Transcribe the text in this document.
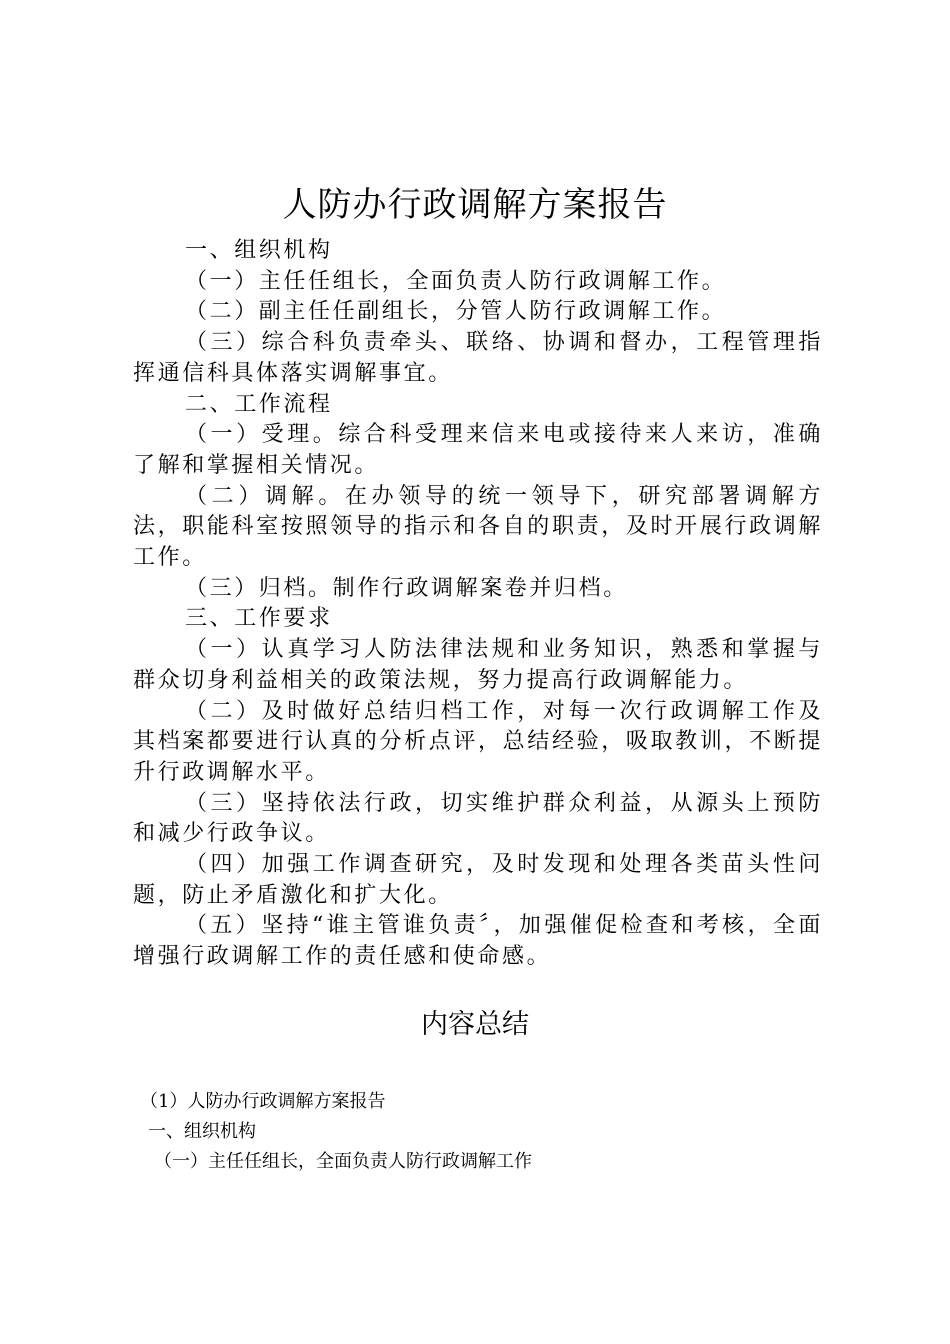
人防办行政调解方案报告

一、组织机构

（一）主任任组长，全面负责人防行政调解工作。

（二）副主任任副组长，分管人防行政调解工作。

（三）综合科负责牵头、联络、协调和督办，工程管理指挥通信科具体落实调解事宜。

二、工作流程

（一）受理。综合科受理来信来电或接待来人来访，准确了解和掌握相关情况。

（二）调解。在办领导的统一领导下，研究部署调解方法，职能科室按照领导的指示和各自的职责，及时开展行政调解工作。

（三）归档。制作行政调解案卷并归档。

三、工作要求

（一）认真学习人防法律法规和业务知识，熟悉和掌握与群众切身利益相关的政策法规，努力提高行政调解能力。

（二）及时做好总结归档工作，对每一次行政调解工作及其档案都要进行认真的分析点评，总结经验，吸取教训，不断提升行政调解水平。

（三）坚持依法行政，切实维护群众利益，从源头上预防和减少行政争议。

（四）加强工作调查研究，及时发现和处理各类苗头性问题，防止矛盾激化和扩大化。

（五）坚持“谁主管谁负责〞，加强催促检查和考核，全面增强行政调解工作的责任感和使命感。

内容总结

（1）人防办行政调解方案报告

一、组织机构

（一）主任任组长，全面负责人防行政调解工作
